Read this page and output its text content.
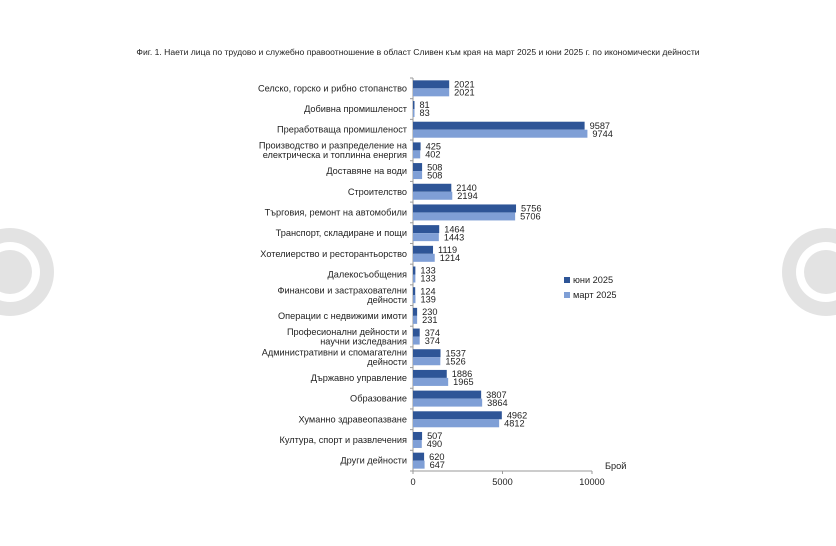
Фиг. 1. Наети лица по трудово и служебно правоотношение в област Сливен към края на март 2025 и юни 2025 г. по икономически дейности
Селско, горско и рибно стопанство	2021
2021
Добивна промишленост 81
83
Преработваща промишленост	9587
9744
Производство и разпределение на
електрическа и топлинна енергия
425
402
Доставяне на води 508
508
Строителство	2140
2194
Търговия, ремонт на автомобили	5756
5706
Транспорт, складиране и пощи	1464
1443
Хотелиерство и ресторантьорство	1119
1214
Далекосъобщения 133
133
Финансови и застрахователни
дейности
124
139
Операции с недвижими имоти 230
231
Професионални дейности и
научни изследвания
374
374
Административни и спомагателни
дейности
1537
1526
Държавно управление	1886
1965
Образование	3807
3864
Хуманно здравеопазване	4962
4812
Култура, спорт и развлечения 507
490
Други дейности 620
647
0	5000	10000
Брой
юни 2025
март 2025
